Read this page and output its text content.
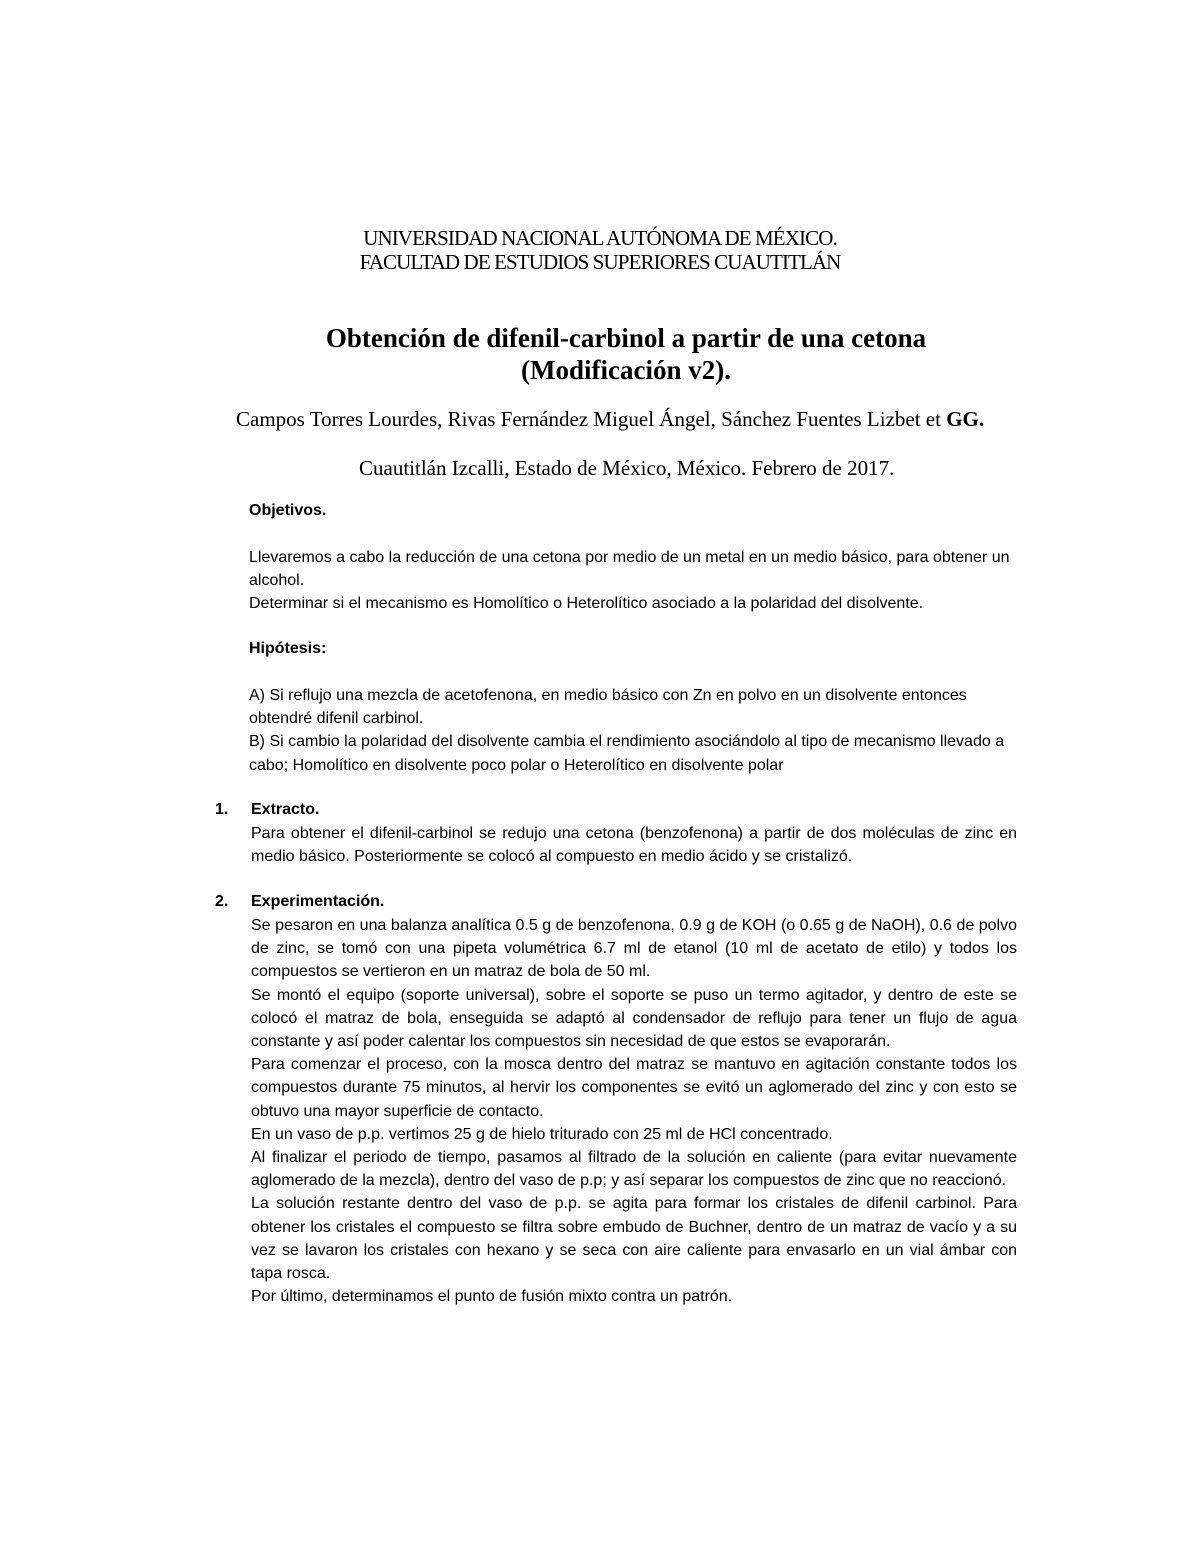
UNIVERSIDAD NACIONAL AUTÓNOMA DE MÉXICO.
FACULTAD DE ESTUDIOS SUPERIORES CUAUTITLÁN
Obtención de difenil-carbinol a partir de una cetona
(Modificación v2).
Campos Torres Lourdes, Rivas Fernández Miguel Ángel, Sánchez Fuentes Lizbet et GG.
Cuautitlán Izcalli, Estado de México, México. Febrero de 2017.
Objetivos.

Llevaremos a cabo la reducción de una cetona por medio de un metal en un medio básico, para obtener un alcohol.

Determinar si el mecanismo es Homolítico o Heterolítico asociado a la polaridad del disolvente.

Hipótesis:

A) Si reflujo una mezcla de acetofenona, en medio básico con Zn en polvo en un disolvente entonces obtendré difenil carbinol.

B) Si cambio la polaridad del disolvente cambia el rendimiento asociándolo al tipo de mecanismo llevado a cabo; Homolítico en disolvente poco polar o Heterolítico en disolvente polar

1. Extracto.

Para obtener el difenil-carbinol se redujo una cetona (benzofenona) a partir de dos moléculas de zinc en medio básico. Posteriormente se colocó al compuesto en medio ácido y se cristalizó.

2. Experimentación.

Se pesaron en una balanza analítica 0.5 g de benzofenona, 0.9 g de KOH (o 0.65 g de NaOH), 0.6 de polvo de zinc, se tomó con una pipeta volumétrica 6.7 ml de etanol (10 ml de acetato de etilo) y todos los compuestos se vertieron en un matraz de bola de 50 ml.

Se montó el equipo (soporte universal), sobre el soporte se puso un termo agitador, y dentro de este se colocó el matraz de bola, enseguida se adaptó al condensador de reflujo para tener un flujo de agua constante y así poder calentar los compuestos sin necesidad de que estos se evaporarán.

Para comenzar el proceso, con la mosca dentro del matraz se mantuvo en agitación constante todos los compuestos durante 75 minutos, al hervir los componentes se evitó un aglomerado del zinc y con esto se obtuvo una mayor superficie de contacto.

En un vaso de p.p. vertimos 25 g de hielo triturado con 25 ml de HCl concentrado.

Al finalizar el periodo de tiempo, pasamos al filtrado de la solución en caliente (para evitar nuevamente aglomerado de la mezcla), dentro del vaso de p.p; y así separar los compuestos de zinc que no reaccionó.

La solución restante dentro del vaso de p.p. se agita para formar los cristales de difenil carbinol. Para obtener los cristales el compuesto se filtra sobre embudo de Buchner, dentro de un matraz de vacío y a su vez se lavaron los cristales con hexano y se seca con aire caliente para envasarlo en un vial ámbar con tapa rosca.

Por último, determinamos el punto de fusión mixto contra un patrón.
